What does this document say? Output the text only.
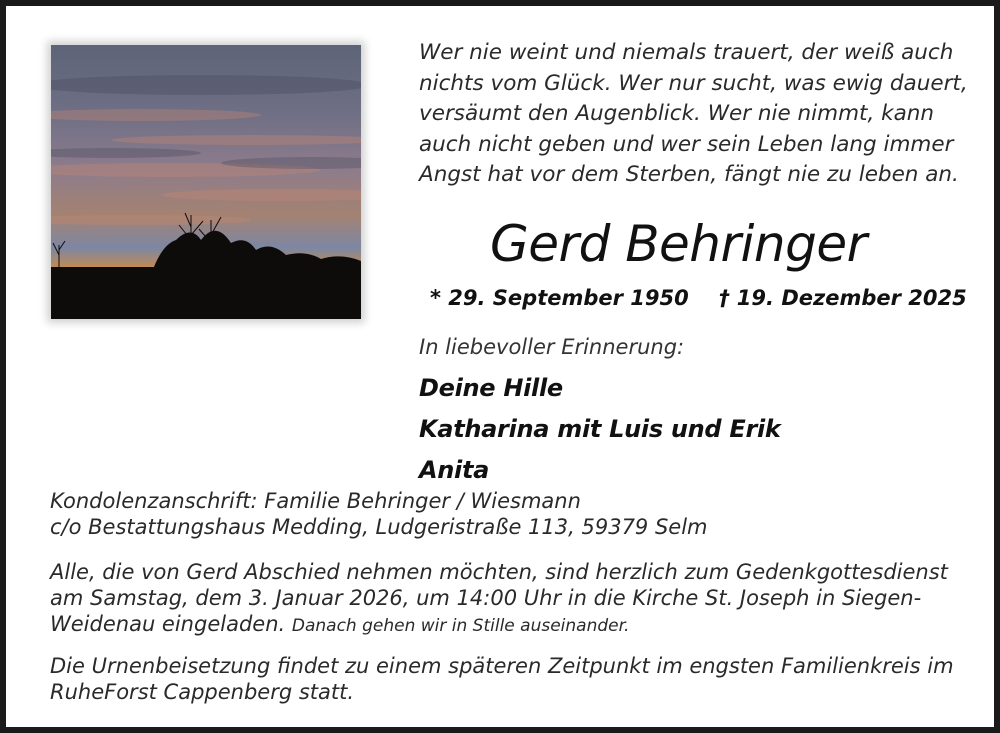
Wer nie weint und niemals trauert, der weiß auch
nichts vom Glück. Wer nur sucht, was ewig dauert,
versäumt den Augenblick. Wer nie nimmt, kann
auch nicht geben und wer sein Leben lang immer
Angst hat vor dem Sterben, fängt nie zu leben an.
Gerd Behringer
* 29. September 1950 † 19. Dezember 2025
In liebevoller Erinnerung:
Deine Hille
Katharina mit Luis und Erik
Anita
Kondolenzanschrift: Familie Behringer / Wiesmann
c/o Bestattungshaus Medding, Ludgeristraße 113, 59379 Selm
Alle, die von Gerd Abschied nehmen möchten, sind herzlich zum Gedenkgottesdienst am Samstag, dem 3. Januar 2026, um 14:00 Uhr in die Kirche St. Joseph in Siegen-Weidenau eingeladen. Danach gehen wir in Stille auseinander.
Die Urnenbeisetzung findet zu einem späteren Zeitpunkt im engsten Familienkreis im RuheForst Cappenberg statt.
